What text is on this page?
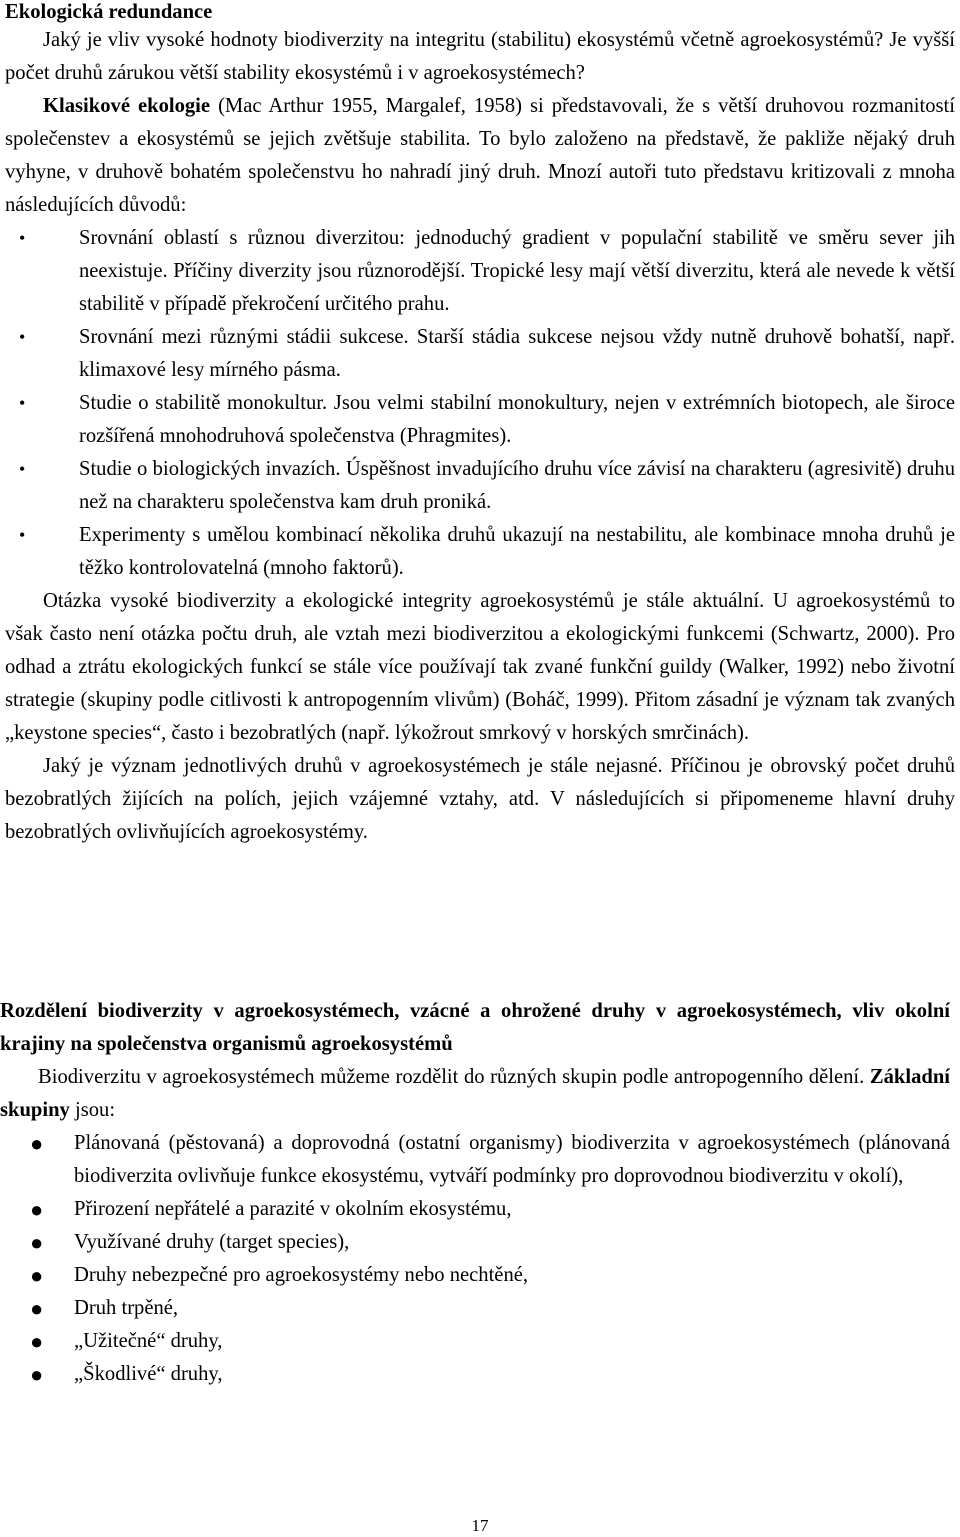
Ekologická redundance

Jaký je vliv vysoké hodnoty biodiverzity na integritu (stabilitu) ekosystémů včetně agroekosystémů? Je vyšší počet druhů zárukou větší stability ekosystémů i v agroekosystémech?

Klasikové ekologie (Mac Arthur 1955, Margalef, 1958) si představovali, že s větší druhovou rozmanitostí společenstev a ekosystémů se jejich zvětšuje stabilita. To bylo založeno na představě, že pakliže nějaký druh vyhyne, v druhově bohatém společenstvu ho nahradí jiný druh. Mnozí autoři tuto představu kritizovali z mnoha následujících důvodů:

•	Srovnání oblastí s různou diverzitou: jednoduchý gradient v populační stabilitě ve směru sever jih neexistuje. Příčiny diverzity jsou různorodější. Tropické lesy mají větší diverzitu, která ale nevede k větší stabilitě v případě překročení určitého prahu.
•	Srovnání mezi různými stádii sukcese. Starší stádia sukcese nejsou vždy nutně druhově bohatší, např. klimaxové lesy mírného pásma.
•	Studie o stabilitě monokultur. Jsou velmi stabilní monokultury, nejen v extrémních biotopech, ale široce rozšířená mnohodruhová společenstva (Phragmites).
•	Studie o biologických invazích. Úspěšnost invadujícího druhu více závisí na charakteru (agresivitě) druhu než na charakteru společenstva kam druh proniká.
•	Experimenty s umělou kombinací několika druhů ukazují na nestabilitu, ale kombinace mnoha druhů je těžko kontrolovatelná (mnoho faktorů).

Otázka vysoké biodiverzity a ekologické integrity agroekosystémů je stále aktuální. U agroekosystémů to však často není otázka počtu druh, ale vztah mezi biodiverzitou a ekologickými funkcemi (Schwartz, 2000). Pro odhad a ztrátu ekologických funkcí se stále více používají tak zvané funkční guildy (Walker, 1992) nebo životní strategie (skupiny podle citlivosti k antropogenním vlivům) (Boháč, 1999). Přitom zásadní je význam tak zvaných „keystone species“, často i bezobratlých (např. lýkožrout smrkový v horských smrčinách).

Jaký je význam jednotlivých druhů v agroekosystémech je stále nejasné. Příčinou je obrovský počet druhů bezobratlých žijících na polích, jejich vzájemné vztahy, atd. V následujících si připomeneme hlavní druhy bezobratlých ovlivňujících agroekosystémy.

Rozdělení biodiverzity v agroekosystémech, vzácné a ohrožené druhy v agroekosystémech, vliv okolní krajiny na společenstva organismů agroekosystémů

Biodiverzitu v agroekosystémech můžeme rozdělit do různých skupin podle antropogenního dělení. Základní skupiny jsou:

● Plánovaná (pěstovaná) a doprovodná (ostatní organismy) biodiverzita v agroekosystémech (plánovaná biodiverzita ovlivňuje funkce ekosystému, vytváří podmínky pro doprovodnou biodiverzitu v okolí),
● Přirození nepřátelé a parazité v okolním ekosystému,
● Využívané druhy (target species),
● Druhy nebezpečné pro agroekosystémy nebo nechtěné,
● Druh trpěné,
● „Užitečné“ druhy,
● „Škodlivé“ druhy,
17
